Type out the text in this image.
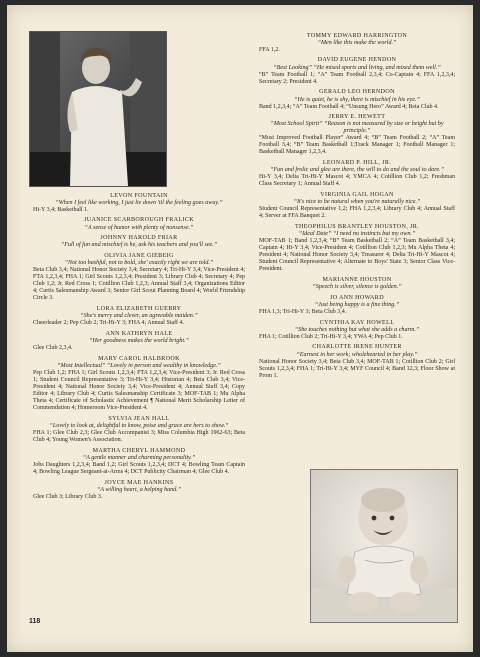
LEVON FOUNTAIN
“When I feel like working, I just lie down 'til the feeling goes away.”
Hi-Y 3,4; Basketball 1.
JUANICE SCARBOROUGH FRALICK
“A sense of humor with plenty of nonsense.”
JOHNNY HAROLD FRIAR
“Full of fun and mischief is he, ask his teachers and you'll see.”
OLIVIA JANE GIEBEIG
“Not too bashful, not to bold, she' exactly right we are told.”
Beta Club 3,4; National Honor Society 3,4; Secretary 4; Tri-Hi-Y 3,4; Vice-President 4; FTA 1,2,3,4; FHA 1; Girl Scouts 1,2,3,4; President 3; Library Club 4; Secretary 4; Pep Club 1,2; Jr. Red Cross 1; Cotillion Club 1,2,3; Annual Staff 3,4; Organizations Editor 4; Curtis Salesmanship Award 3; Senior Girl Scout Planning Board 4; World Friendship Circle 3.
LORA ELIZABETH GUEBRY
“She's merry and clever, an agreeable maiden.”
Cheerleader 2; Pep Club 2; Tri-Hi-Y 3; FHA 4; Annual Staff 4.
ANN KATHRYN HALE
“Her goodness makes the world bright.”
Glee Club 2,3,4.
MARY CAROL HALBROOK
“Most Intellectual” “Lovely in person and wealthy in knowledge.”
Pep Club 1,2; FHA 1; Girl Scouts 1,2,3,4; FTA 1,2,3,4; Vice-President 3; Jr. Red Cross 1; Student Council Representative 3; Tri-Hi-Y 3,4; Historian 4; Beta Club 3,4; Vice-President 4; National Honor Society 3,4; Vice-President 4; Annual Staff 3,4; Copy Editor 4; Library Club 4; Curtis Salesmanship Certificate 3; MOF-TAB 1; Mu Alpha Theta 4; Certificate of Scholastic Achievement ¶ National Merit Scholarship Letter of Commendation 4; Homeroom Vice-President 4.
SYLVIA JEAN HALL
“Lovely to look at, delightful to know, poise and grace are hers to show.”
FHA 1; Glee Club 2,3; Glee Club Accompanist 3; Miss Columbia High 1962-63; Beta Club 4; Young Women's Association.
MARTHA CHERYL HAMMOND
“A gentle manner and charming personality.”
Jobs Daughters 1,2,3,4; Band 1,2; Girl Scouts 1,2,3,4; DCT 4; Bowling Team Captain 4; Bowling League Sergeant-at-Arms 4; DCT Publicity Chairman 4; Glee Club 4.
JOYCE MAE HANKINS
“A willing heart, a helping hand.”
Glee Club 3; Library Club 3.
TOMMY EDWARD HARRINGTON
“Men like this make the world.”
FFA 1,2.
DAVID EUGENE HENDON
“Best Looking” “He mixed sports and living, and mixed them well.”
“B” Team Football 1; “A” Team Football 2,3,4; Co-Captain 4; FFA 1,2,3,4; Secretary 2; President 4.
GERALD LEO HERNDON
“He is quiet, he is shy, there is mischief in his eye.”
Band 1,2,3,4; “A” Team Football 4; “Unsung Hero” Award 4; Beta Club 4.
JERRY E. HEWETT
“Most School Spirit” “Reason is not measured by size or height but by principle.”
“Most Improved Football Player” Award 4; “B” Team Football 2; “A” Team Football 3,4; “B” Team Basketball 1;Track Manager 1; Football Manager 1; Basketball Manager 1,2,3,4.
LEONARD P. HILL, JR.
“Fun and frolic and glee are there, the will to do and the soul to dare.”
Hi-Y 3,4; Delta Tri-Hi-Y Mascot 4; YMCA 4; Cotillion Club 1,2; Freshman Class Secretary 1; Annual Staff 4.
VIRGINIA GAIL HOGAN
“It's nice to be natural when you're naturally nice.”
Student Council Representative 1,2; FHA 1,2,3,4; Library Club 4; Annual Staff 4; Server at FFA Banquet 2.
THEOPHILUS BRANTLEY HOUSTON, JR.
“Ideal Date” “I need no instincts but my own.”
MOF-TAB 1; Band 1,2,3,4; “B” Team Basketball 2; “A” Team Basketball 3,4; Captain 4; Hi-Y 3,4; Vice-President 4; Cotillion Club 1,2,3; Mu Alpha Theta 4; President 4; National Honor Society 3,4; Treasurer 4; Delta Tri-Hi-Y Mascot 4; Student Council Representative 4; Alternate to Boys' State 3; Senior Class Vice-President.
MARIANNE HOUSTON
“Speech is silver, silence is golden.”
JO ANN HOWARD
“Just being happy is a fine thing.”
FHA 1,3; Tri-Hi-Y 3; Beta Club 3,4.
CYNTHIA KAY HOWELL
“She touches nothing but what she adds a charm.”
FHA 1; Cotillion Club 2; Tri-Hi-Y 3,4; YWA 4; Pep Club 1.
CHARLOTTE IRENE HUNTER
“Earnest in her work; wholehearted in her play.”
National Honor Society 3,4; Beta Club 3,4; MOF-TAB 1; Cotillion Club 2; Girl Scouts 1,2,3,4; FHA 1; Tri-Hi-Y 3,4; MYF Council 4; Band 12,3; Floor Show at Prom 1.
118
